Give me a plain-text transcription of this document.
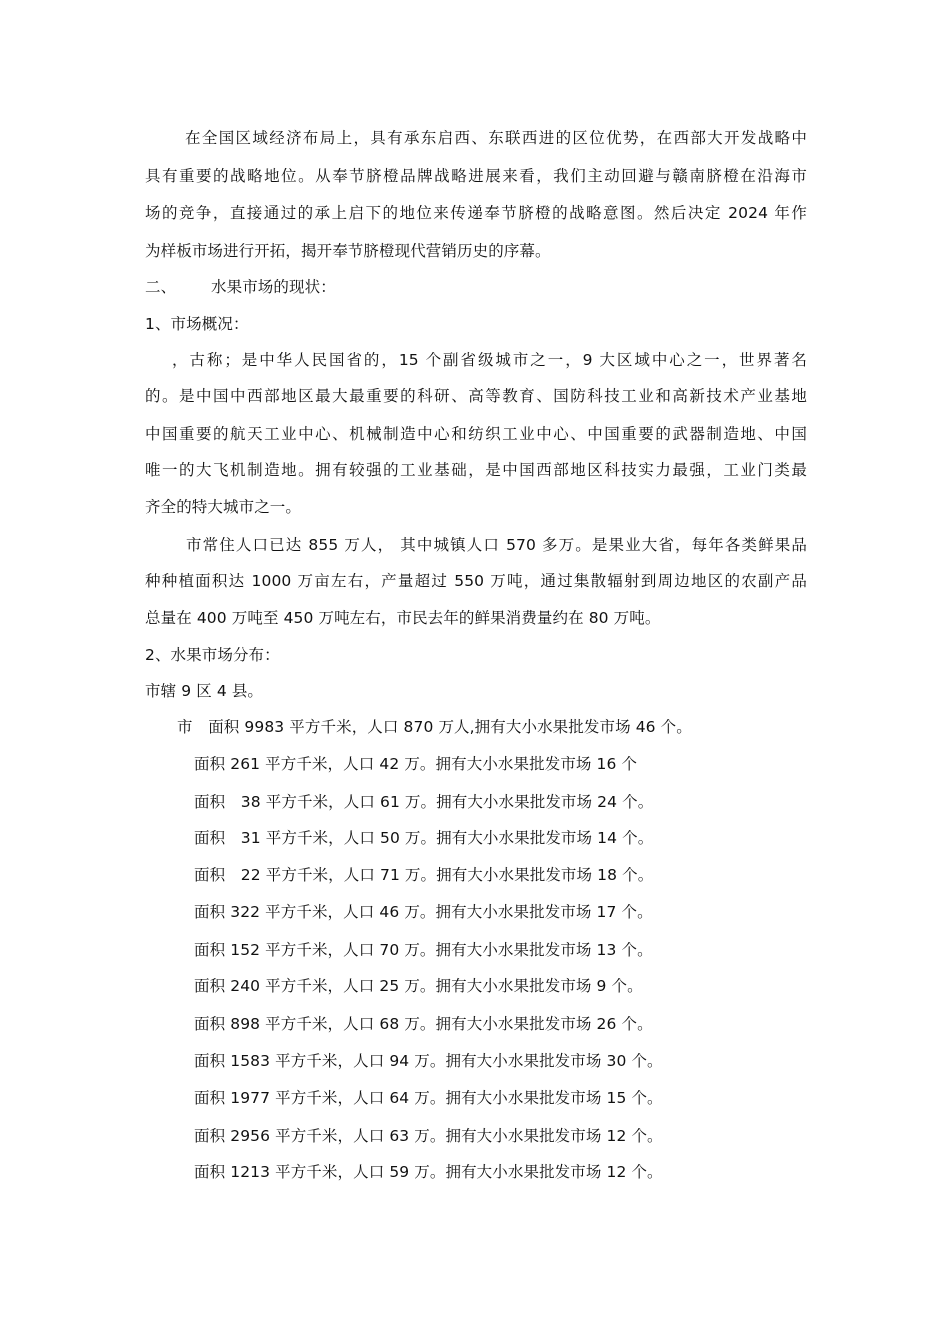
在全国区域经济布局上，具有承东启西、东联西进的区位优势，在西部大开发战略中
具有重要的战略地位。从奉节脐橙品牌战略进展来看，我们主动回避与赣南脐橙在沿海市
场的竞争，直接通过的承上启下的地位来传递奉节脐橙的战略意图。然后决定 2024 年作
为样板市场进行开拓，揭开奉节脐橙现代营销历史的序幕。
二、 水果市场的现状：
1、市场概况：
，古称；是中华人民国省的，15 个副省级城市之一，9 大区域中心之一，世界著名
的。是中国中西部地区最大最重要的科研、高等教育、国防科技工业和高新技术产业基地
中国重要的航天工业中心、机械制造中心和纺织工业中心、中国重要的武器制造地、中国
唯一的大飞机制造地。拥有较强的工业基础，是中国西部地区科技实力最强，工业门类最
齐全的特大城市之一。
市常住人口已达 855 万人， 其中城镇人口 570 多万。是果业大省，每年各类鲜果品
种种植面积达 1000 万亩左右，产量超过 550 万吨，通过集散辐射到周边地区的农副产品
总量在 400 万吨至 450 万吨左右，市民去年的鲜果消费量约在 80 万吨。
2、水果市场分布：
市辖 9 区 4 县。
市　面积 9983 平方千米，人口 870 万人,拥有大小水果批发市场 46 个。
面积 261 平方千米，人口 42 万。拥有大小水果批发市场 16 个
面积　38 平方千米，人口 61 万。拥有大小水果批发市场 24 个。
面积　31 平方千米，人口 50 万。拥有大小水果批发市场 14 个。
面积　22 平方千米，人口 71 万。拥有大小水果批发市场 18 个。
面积 322 平方千米，人口 46 万。拥有大小水果批发市场 17 个。
面积 152 平方千米，人口 70 万。拥有大小水果批发市场 13 个。
面积 240 平方千米，人口 25 万。拥有大小水果批发市场 9 个。
面积 898 平方千米，人口 68 万。拥有大小水果批发市场 26 个。
面积 1583 平方千米，人口 94 万。拥有大小水果批发市场 30 个。
面积 1977 平方千米，人口 64 万。拥有大小水果批发市场 15 个。
面积 2956 平方千米，人口 63 万。拥有大小水果批发市场 12 个。
面积 1213 平方千米，人口 59 万。拥有大小水果批发市场 12 个。
